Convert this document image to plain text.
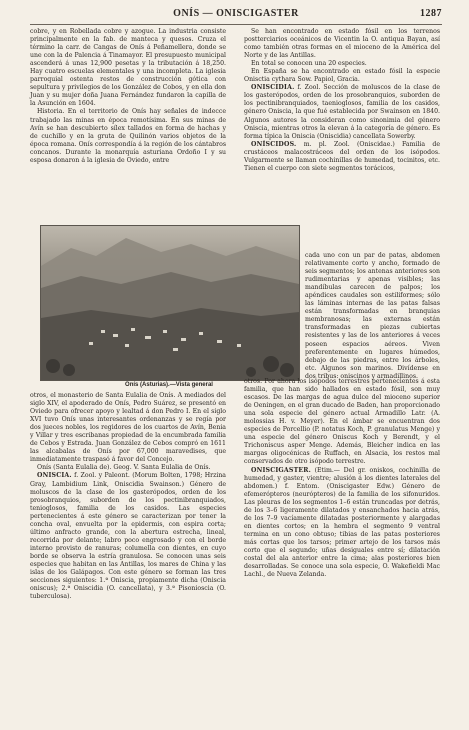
ONÍS — ONISCIGASTER	1287

cobre, y en Robellada cobre y azogue. La industria consiste principalmente en la fab. de manteca y quesos. Cruza el término la carr. de Cangas de Onís á Peñamellera, donde se une con la de Palencia á Tinamayor. El presupuesto municipal ascenderá á unas 12,900 pesetas y la tributación á 18,250. Hay cuatro escuelas elementales y una incompleta. La iglesia parroquial ostenta restos de construcción gótica con sepultura y privilegios de los González de Cobos, y en ella don Juan y su mujer doña Juana Fernández fundaron la capilla de la Asunción en 1604.

Historia. En el territorio de Onís hay señales de indecce trabajado las minas en época remotísima. En sus minas de Avín se han descubierto sílex tallados en forma de hachas y de cuchillo y en la gruta de Quilinón varios objetos de la época romana. Onís correspondía á la región de los cántabros concanos. Durante la monarquía asturiana Ordoño I y su esposa donaron á la iglesia de Oviedo, entre

Se han encontrado en estado fósil en los terrenos postterciarios oceánicos de Vicentin la O. antiqua Bayan, así como también otras formas en el mioceno de la América del Norte y de las Antillas.

En total se conocen una 20 especies.

En España se ha encontrado en estado fósil la especie Onisctia cythara Sow. Papiol, Gracia.

ONISCIDIA. f. Zool. Sección de moluscos de la clase de los gasterópodos, orden de los prosobranquios, suborden de los pectinibranquiados, taenioglosos, familia de los casidos, género Oniscia, la que fué establecida por Swainson en 1840. Algunos autores la consideran como sinonimia del género Oniscia, mientras otros la elevan á la categoría de género. Es forma típica la Oniscia (Oniscidia) cancellata Sowerby.

ONÍSCIDOS. m. pl. Zool. (Oniscidae.) Familia de crustáceos malacostráceos del orden de los isópodos. Vulgarmente se llaman cochinillas de humedad, tocinitos, etc. Tienen el cuerpo con siete segmentos torácicos,

Onís (Asturias).—Vista general

cada uno con un par de patas, abdomen relativamente corto y ancho, formado de seis segmentos; los antenas anteriores son rudimentarias y apenas visibles; las mandíbulas carecen de palpos; los apéndices caudales son estiliformes; sólo las láminas internas de las patas falsas están transformadas en branquias membranosas; las externas están transformadas en piezas cubiertas resistentes y las de los anteriores á veces poseen espacios aéreos. Viven preferentemente en lugares húmedos, debajo de las piedras, entre los árboles, etc. Algunos son marinos. Divídense en dos tribus: oniscinos y armadillinos.

otros, el monasterio de Santa Eulalia de Onís. A mediados del siglo XIV, el apoderado de Onís, Pedro Suárez, se presentó en Oviedo para ofrecer apoyo y lealtad á don Pedro I. En el siglo XVI tuvo Onís unas interesantes ordenanzas y se regía por dos jueces nobles, los regidores de los cuartos de Avín, Benia y Villar y tres escribanas propiedad de la encumbrada familia de Cebos y Estrada. Juan González de Cebos compró en 1611 las alcabalas de Onís por 67,000 maravedises, que inmediatamente traspasó á favor del Concejo.

Onís (Santa Eulalia de). Geog. V. Santa Eulalia de Onís.

ONISCIA. f. Zool. y Paleont. (Morum Bolten, 1798; Hrzina Gray, Lambidium Link, Oniscidia Swainson.) Género de moluscos de la clase de los gasterópodos, orden de los prosobranquios, suborden de los pectinibranquiados, tenioglosos, familia de los casidos. Las especies pertenecientes á este género se caracterizan por tener la concha oval, envuelta por la epidermis, con espira corta; último anfracto grande, con la abertura estrecha, lineal, recorrida por delante; labro poco engrosado y con el borde interno provisto de ranuras; columella con dientes, en cuyo borde se observa la estría granulosa. Se conocen unas seis especies que habitan en las Antillas, los mares de China y las islas de los Galápagos. Con este género se forman las tres secciones siguientes: 1.ª Oniscia, propiamente dicha (Oniscia oniscus); 2.ª Oniscidia (O. cancellata), y 3.ª Pisonioscia (O. tuberculosa).

otros. Por ahora los isópodos terrestres pertenecientes á esta familia, que han sido hallados en estado fósil, son muy escasos. De las margas de agua dulce del mioceno superior de Oeningen, en el gran ducado de Baden, han proporcionado una sola especie del género actual Armadillo Latr. (A. molossias H. v. Meyer). En el ámbar se encuentran dos especies de Porcellio (P. notatus Koch, P. granulatus Menge) y una especie del género Oniscus Koch y Berendt, y el Trichoniscus asper Menge. Además, Bleicher indica en las margas oligocénicas de Ruffach, en Alsacia, los restos mal conservados de otro isópodo terrestre.

ONISCIGASTER. (Etim.— Del gr. oniskos, cochinilla de humedad, y gaster, vientre; alusión á los dientes laterales del abdomen.) f. Entom. (Oniscigaster Edw.) Género de efemerópteros (neurópteros) de la familia de los sifonuridos. Las pleuras de los segmentos 1–6 están truncadas por detrás, de los 3–6 ligeramente dilatados y ensanchados hacia atrás, de los 7–9 vacíamente dilatadas posteriormente y alargadas en dientes cortos; en la hembra el segmento 9 ventral termina en un cono obtuso; tibias de las patas posteriores más cortas que los tarsos; primer artejo de los tarsos más corto que el segundo; uñas desiguales entre sí; dilatación costal del ala anterior entre la cima; alas posteriores bien desarrolladas. Se conoce una sola especie, O. Wakefieldi Mac Lachl., de Nueva Zelanda.
